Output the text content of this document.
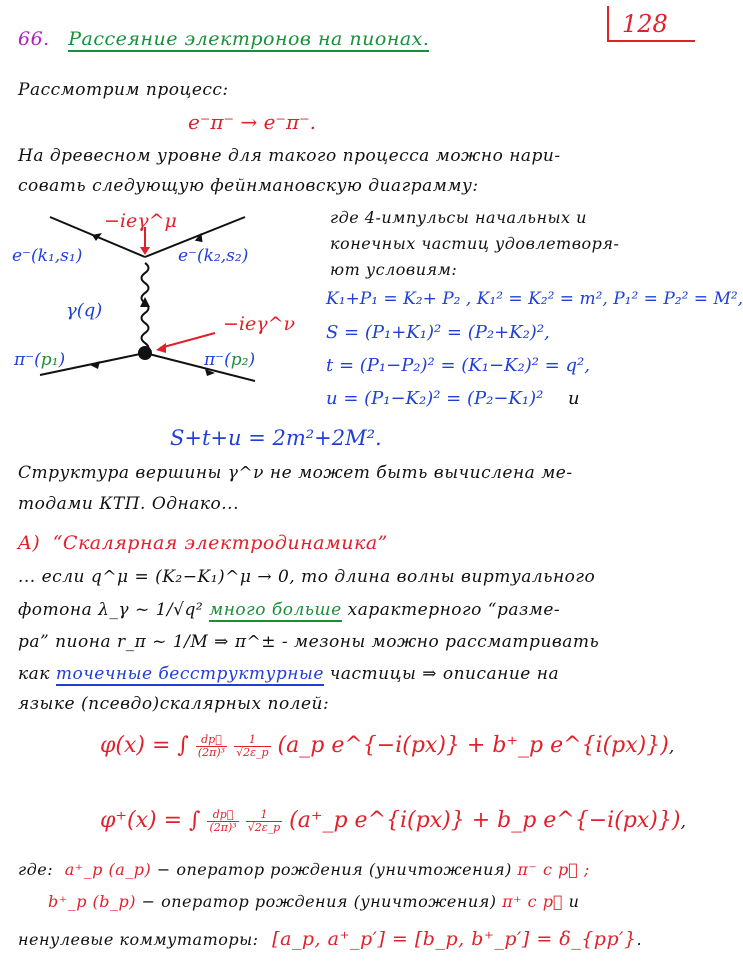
128
66. Рассеяние электронов на пионах.
Рассмотрим процесс:
e⁻π⁻ → e⁻π⁻.
На древесном уровне для такого процесса можно нари-
совать следующую фейнмановскую диаграмму:
−ieγ^μ
−ieγ^ν
e⁻(k₁,s₁)	e⁻(k₂,s₂)
γ(q)
π⁻(p₁)	π⁻(p₂)
где 4-импульсы начальных и
конечных частиц удовлетворя-
ют условиям:
K₁+P₁ = K₂+ P₂ , K₁² = K₂² = m², P₁² = P₂² = M²,
S = (P₁+K₁)² = (P₂+K₂)²,
t = (P₁−P₂)² = (K₁−K₂)² = q²,
u = (P₁−K₂)² = (P₂−K₁)² и
S+t+u = 2m²+2M².
Структура вершины γ^ν не может быть вычислена ме-
тодами КТП. Однако...
A) “Скалярная электродинамика”
... если q^μ = (K₂−K₁)^μ → 0, то длина волны виртуального
фотона λ_γ ~ 1/√q² много больше характерного “разме-
ра” пиона r_π ~ 1/M ⇒ π^± - мезоны можно рассматривать
как точечные бесструктурные частицы ⇒ описание на
языке (псевдо)скалярных полей:
φ(x) = ∫ $\frac{dp⃗}{\text{(2π)³}}$
$\frac{1}{√2\varepsilon\_p}$ (a_p e^{−i(px)} + b⁺_p e^{i(px)}),
φ⁺(x) = ∫ $\frac{dp⃗}{\text{(2π)³}}$
$\frac{1}{√2\varepsilon\_p}$ (a⁺_p e^{i(px)} + b_p e^{−i(px)}),
где: a⁺_p (a_p) − оператор рождения (уничтожения) π⁻ с p⃗ ;
b⁺_p (b_p) − оператор рождения (уничтожения) π⁺ с p⃗ и
ненулевые коммутаторы: [a_p, a⁺_p′] = [b_p, b⁺_p′] = δ_{pp′}.
